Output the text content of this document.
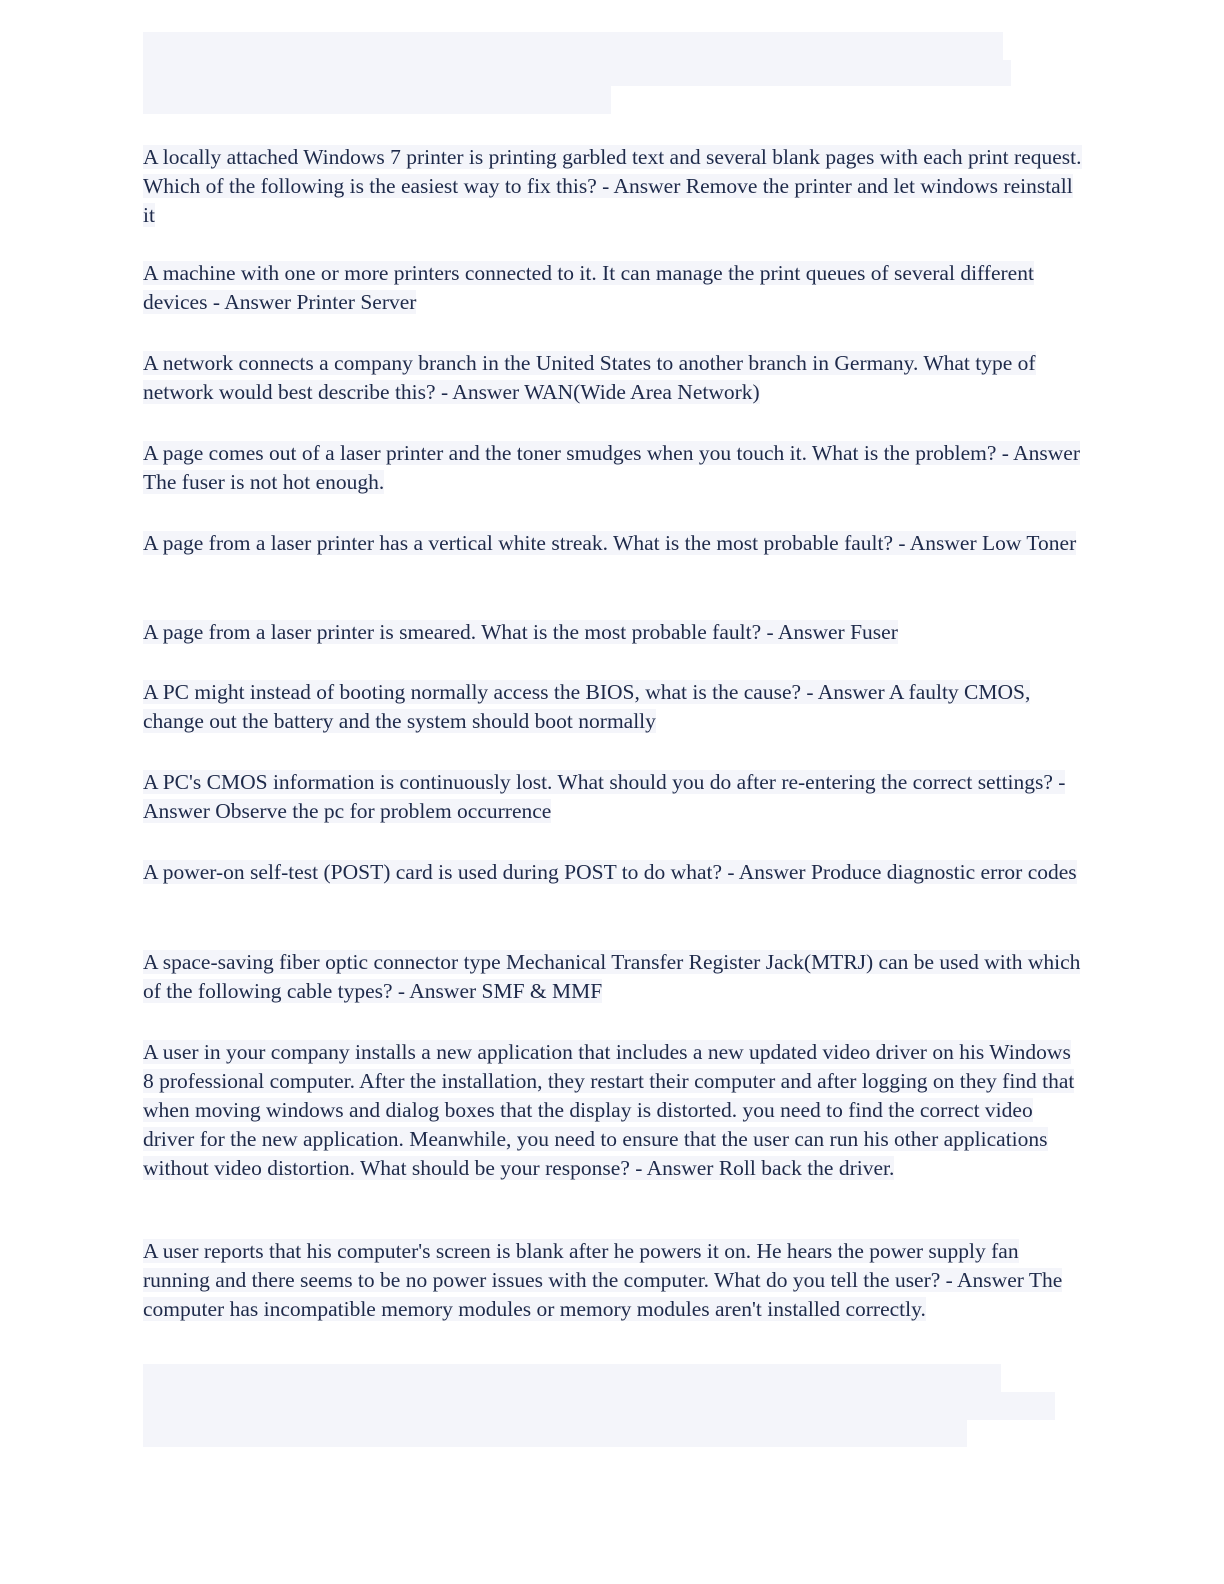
A locally attached Windows 7 printer is printing garbled text and several blank pages with each print request. Which of the following is the easiest way to fix this? - Answer Remove the printer and let windows reinstall it

A machine with one or more printers connected to it. It can manage the print queues of several different devices - Answer Printer Server

A network connects a company branch in the United States to another branch in Germany. What type of network would best describe this? - Answer WAN(Wide Area Network)

A page comes out of a laser printer and the toner smudges when you touch it. What is the problem? - Answer The fuser is not hot enough.

A page from a laser printer has a vertical white streak. What is the most probable fault? - Answer Low Toner

A page from a laser printer is smeared. What is the most probable fault? - Answer Fuser

A PC might instead of booting normally access the BIOS, what is the cause? - Answer A faulty CMOS, change out the battery and the system should boot normally

A PC's CMOS information is continuously lost. What should you do after re-entering the correct settings? - Answer Observe the pc for problem occurrence

A power-on self-test (POST) card is used during POST to do what? - Answer Produce diagnostic error codes

A space-saving fiber optic connector type Mechanical Transfer Register Jack(MTRJ) can be used with which of the following cable types? - Answer SMF & MMF

A user in your company installs a new application that includes a new updated video driver on his Windows 8 professional computer. After the installation, they restart their computer and after logging on they find that when moving windows and dialog boxes that the display is distorted. you need to find the correct video driver for the new application. Meanwhile, you need to ensure that the user can run his other applications without video distortion. What should be your response? - Answer Roll back the driver.

A user reports that his computer's screen is blank after he powers it on. He hears the power supply fan running and there seems to be no power issues with the computer. What do you tell the user? - Answer The computer has incompatible memory modules or memory modules aren't installed correctly.
